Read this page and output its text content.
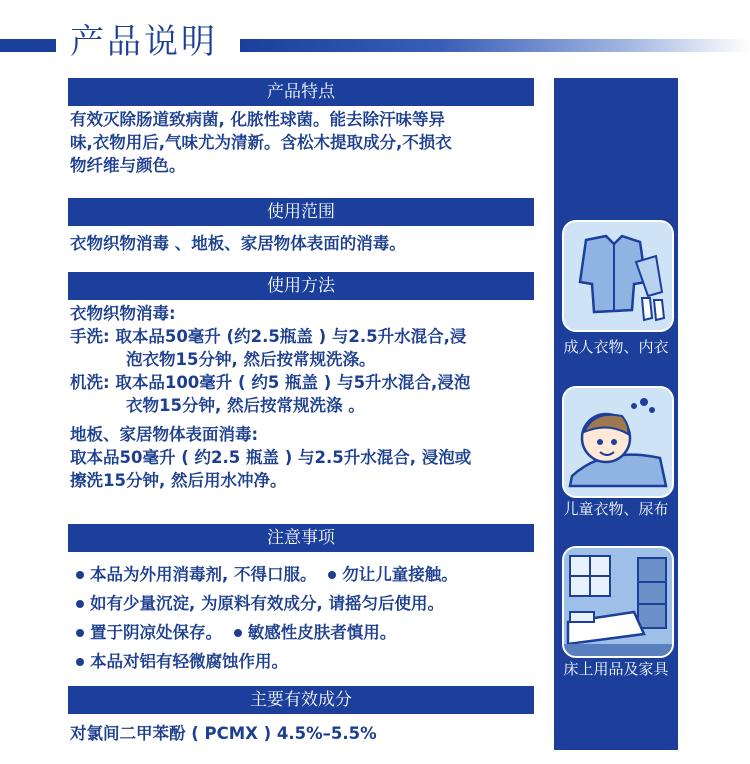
产品说明
产品特点
有效灭除肠道致病菌, 化脓性球菌。能去除汗味等异
味,衣物用后,气味尤为清新。含松木提取成分,不损衣
物纤维与颜色。
使用范围
衣物织物消毒 、地板、家居物体表面的消毒。
使用方法
衣物织物消毒:
手洗: 取本品50毫升 (约2.5瓶盖 ) 与2.5升水混合,浸
泡衣物15分钟, 然后按常规洗涤。
机洗: 取本品100毫升 ( 约5 瓶盖 ) 与5升水混合,浸泡
衣物15分钟, 然后按常规洗涤 。
地板、家居物体表面消毒:
取本品50毫升 ( 约2.5 瓶盖 ) 与2.5升水混合, 浸泡或
擦洗15分钟, 然后用水冲净。
注意事项
本品为外用消毒剂, 不得口服。 勿让儿童接触。
如有少量沉淀, 为原料有效成分, 请摇匀后使用。
置于阴凉处保存。 敏感性皮肤者慎用。
本品对铝有轻微腐蚀作用。
主要有效成分
对氯间二甲苯酚 ( PCMX ) 4.5%–5.5%
成人衣物、内衣
儿童衣物、尿布
床上用品及家具
